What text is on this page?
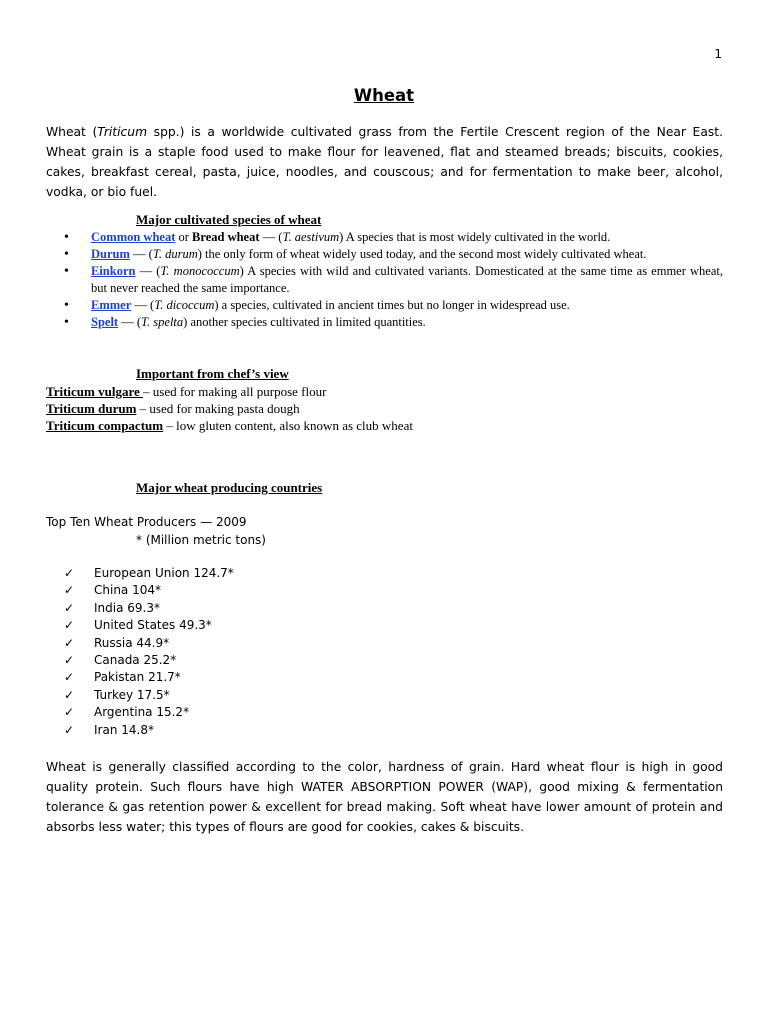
1
Wheat

Wheat (Triticum spp.) is a worldwide cultivated grass from the Fertile Crescent region of the Near East. Wheat grain is a staple food used to make flour for leavened, flat and steamed breads; biscuits, cookies, cakes, breakfast cereal, pasta, juice, noodles, and couscous; and for fermentation to make beer, alcohol, vodka, or bio fuel.

Major cultivated species of wheat
• Common wheat or Bread wheat — (T. aestivum) A species that is most widely cultivated in the world.
• Durum — (T. durum) the only form of wheat widely used today, and the second most widely cultivated wheat.
• Einkorn — (T. monococcum) A species with wild and cultivated variants. Domesticated at the same time as emmer wheat, but never reached the same importance.
• Emmer — (T. dicoccum) a species, cultivated in ancient times but no longer in widespread use.
• Spelt — (T. spelta) another species cultivated in limited quantities.
Important from chef’s view
Triticum vulgare – used for making all purpose flour
Triticum durum – used for making pasta dough
Triticum compactum – low gluten content, also known as club wheat
Major wheat producing countries
Top Ten Wheat Producers — 2009
* (Million metric tons)
✓ European Union 124.7*
✓ China 104*
✓ India 69.3*
✓ United States 49.3*
✓ Russia 44.9*
✓ Canada 25.2*
✓ Pakistan 21.7*
✓ Turkey 17.5*
✓ Argentina 15.2*
✓ Iran 14.8*

Wheat is generally classified according to the color, hardness of grain. Hard wheat flour is high in good quality protein. Such flours have high WATER ABSORPTION POWER (WAP), good mixing & fermentation tolerance & gas retention power & excellent for bread making. Soft wheat have lower amount of protein and absorbs less water; this types of flours are good for cookies, cakes & biscuits.
